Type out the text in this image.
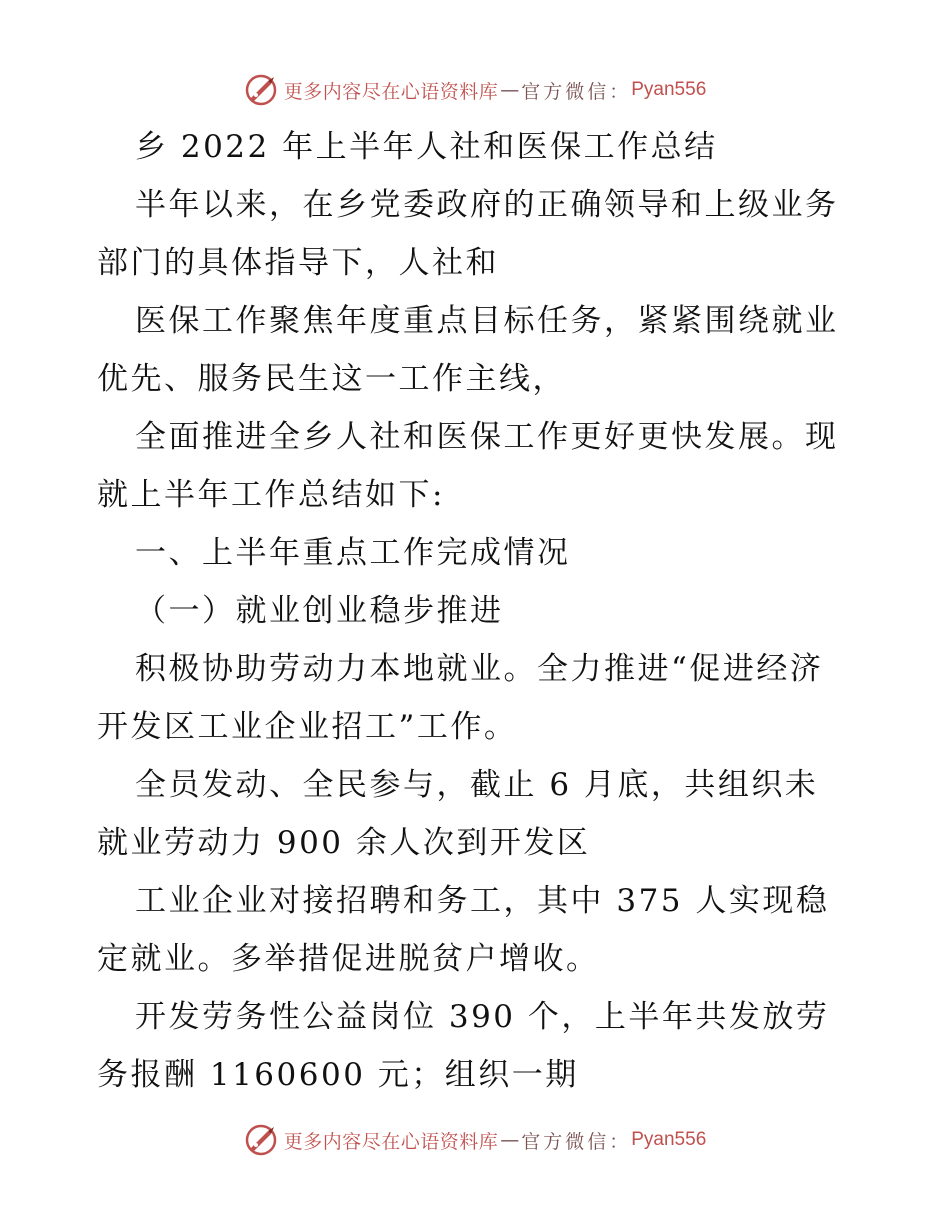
更多内容尽在心语资料库 — 官方微信： Pyan556
乡 2022 年上半年人社和医保工作总结
半年以来，在乡党委政府的正确领导和上级业务
部门的具体指导下，人社和
医保工作聚焦年度重点目标任务，紧紧围绕就业
优先、服务民生这一工作主线，
全面推进全乡人社和医保工作更好更快发展。现
就上半年工作总结如下:
一、上半年重点工作完成情况
（一）就业创业稳步推进
积极协助劳动力本地就业。全力推进“促进经济
开发区工业企业招工”工作。
全员发动、全民参与，截止 6 月底，共组织未
就业劳动力 900 余人次到开发区
工业企业对接招聘和务工，其中 375 人实现稳
定就业。多举措促进脱贫户增收。
开发劳务性公益岗位 390 个，上半年共发放劳
务报酬 1160600 元；组织一期
更多内容尽在心语资料库 — 官方微信： Pyan556
